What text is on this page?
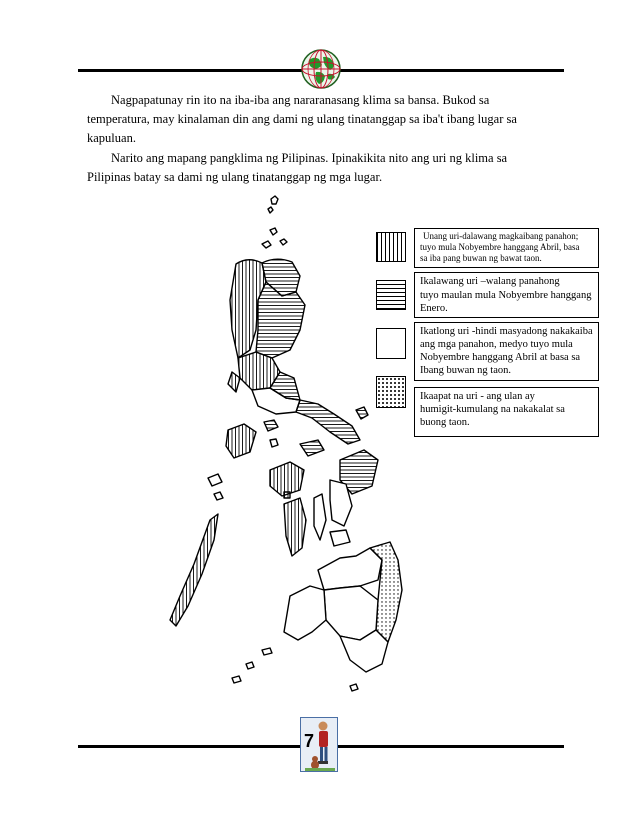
Nagpapatunay rin ito na iba-iba ang nararanasang klima sa bansa. Bukod sa
temperatura, may kinalaman din ang dami ng ulang tinatanggap sa iba't ibang lugar sa
kapuluan.

Narito ang mapang pangklima ng Pilipinas. Ipinakikita nito ang uri ng klima sa
Pilipinas batay sa dami ng ulang tinatanggap ng mga lugar.

Unang uri-dalawang magkaibang panahon;
tuyo mula Nobyembre hanggang Abril, basa
sa iba pang buwan ng bawat taon.
Ikalawang uri –walang panahong
tuyo maulan mula Nobyembre hanggang
Enero.
Ikatlong uri -hindi masyadong nakakaiba
ang mga panahon, medyo tuyo mula
Nobyembre hanggang Abril at basa sa
Ibang buwan ng taon.
Ikaapat na uri - ang ulan ay
humigit-kumulang na nakakalat sa
buong taon.
7
